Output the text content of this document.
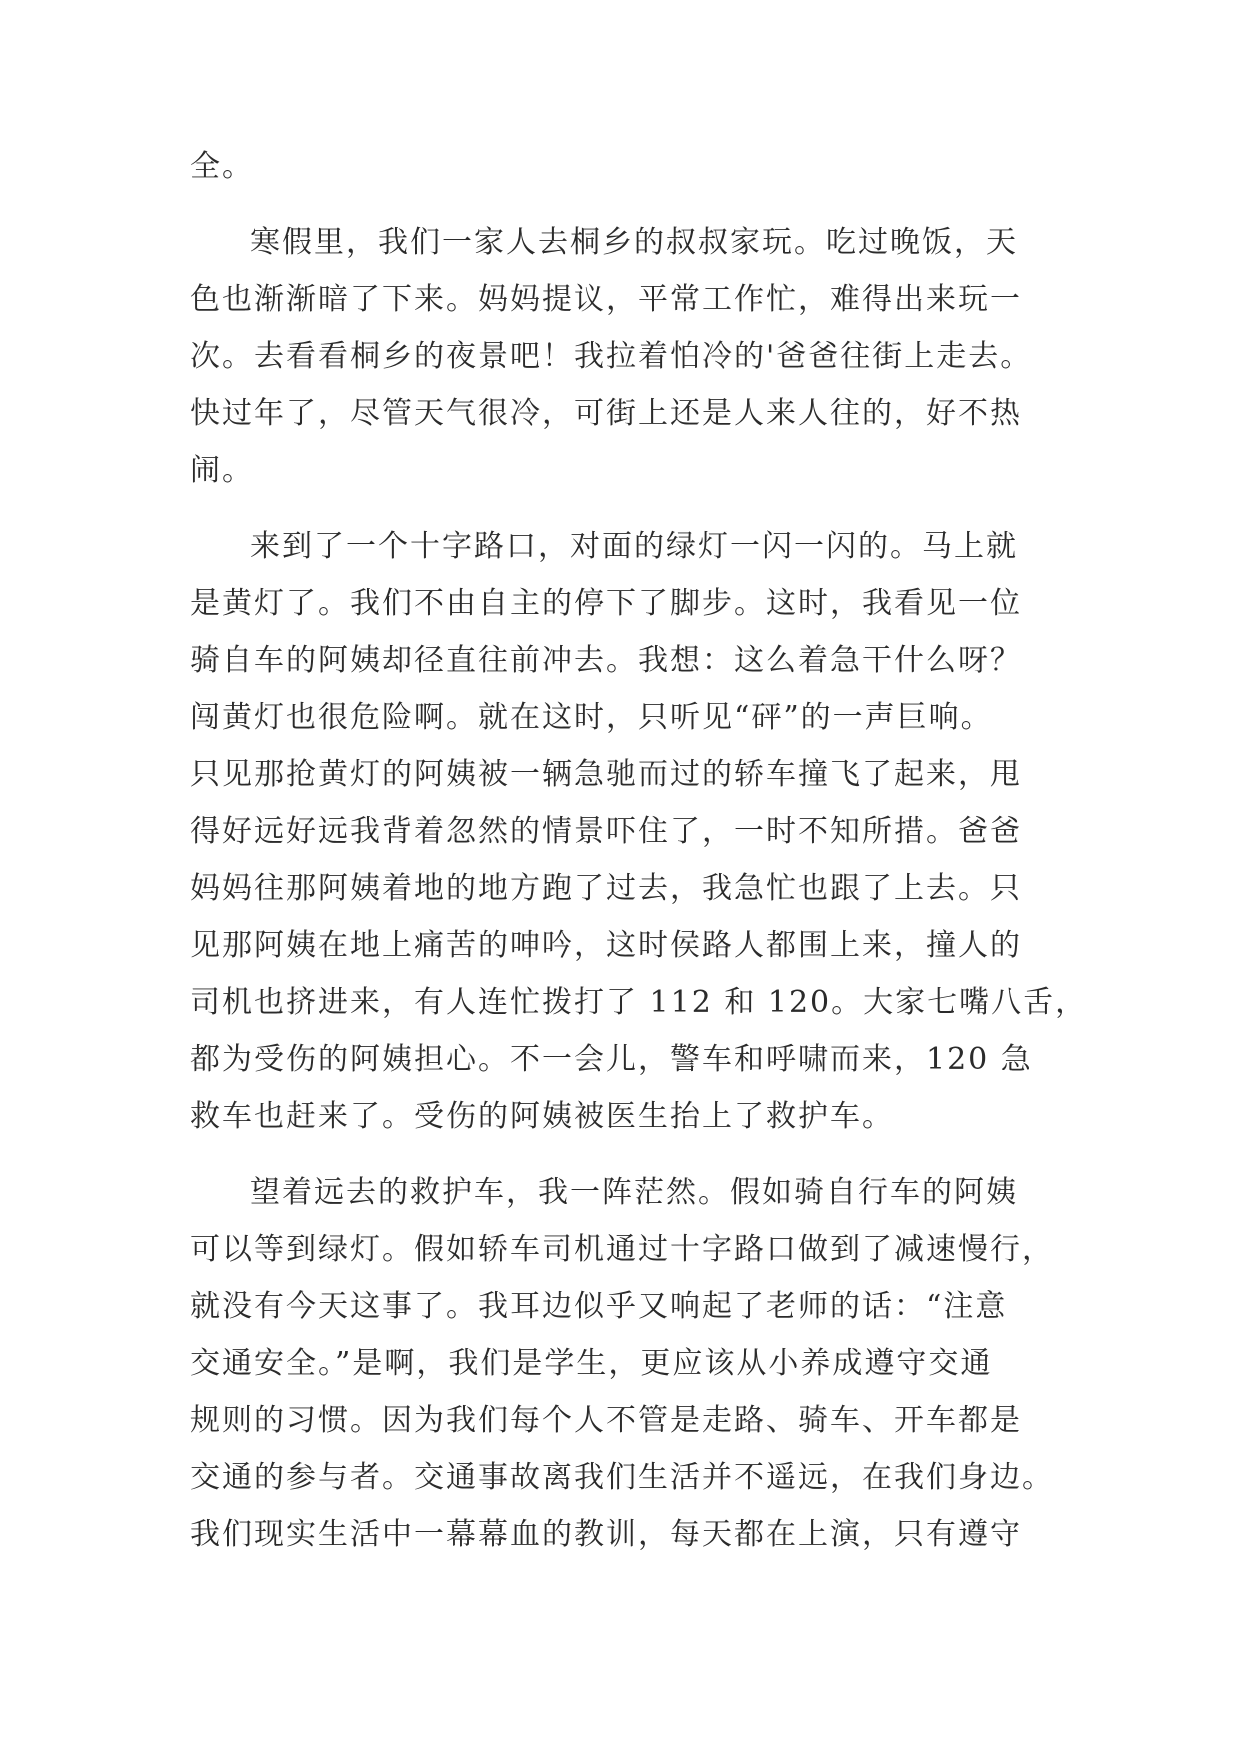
全。
寒假里，我们一家人去桐乡的叔叔家玩。吃过晚饭，天
色也渐渐暗了下来。妈妈提议，平常工作忙，难得出来玩一
次。去看看桐乡的夜景吧！我拉着怕冷的'爸爸往街上走去。
快过年了，尽管天气很冷，可街上还是人来人往的，好不热
闹。
来到了一个十字路口，对面的绿灯一闪一闪的。马上就
是黄灯了。我们不由自主的停下了脚步。这时，我看见一位
骑自车的阿姨却径直往前冲去。我想：这么着急干什么呀？
闯黄灯也很危险啊。就在这时，只听见“砰”的一声巨响。
只见那抢黄灯的阿姨被一辆急驰而过的轿车撞飞了起来，甩
得好远好远我背着忽然的情景吓住了，一时不知所措。爸爸
妈妈往那阿姨着地的地方跑了过去，我急忙也跟了上去。只
见那阿姨在地上痛苦的呻吟，这时侯路人都围上来，撞人的
司机也挤进来，有人连忙拨打了 112 和 120。大家七嘴八舌，
都为受伤的阿姨担心。不一会儿，警车和呼啸而来，120 急
救车也赶来了。受伤的阿姨被医生抬上了救护车。
望着远去的救护车，我一阵茫然。假如骑自行车的阿姨
可以等到绿灯。假如轿车司机通过十字路口做到了减速慢行，
就没有今天这事了。我耳边似乎又响起了老师的话：“注意
交通安全。”是啊，我们是学生，更应该从小养成遵守交通
规则的习惯。因为我们每个人不管是走路、骑车、开车都是
交通的参与者。交通事故离我们生活并不遥远，在我们身边。
我们现实生活中一幕幕血的教训，每天都在上演，只有遵守
